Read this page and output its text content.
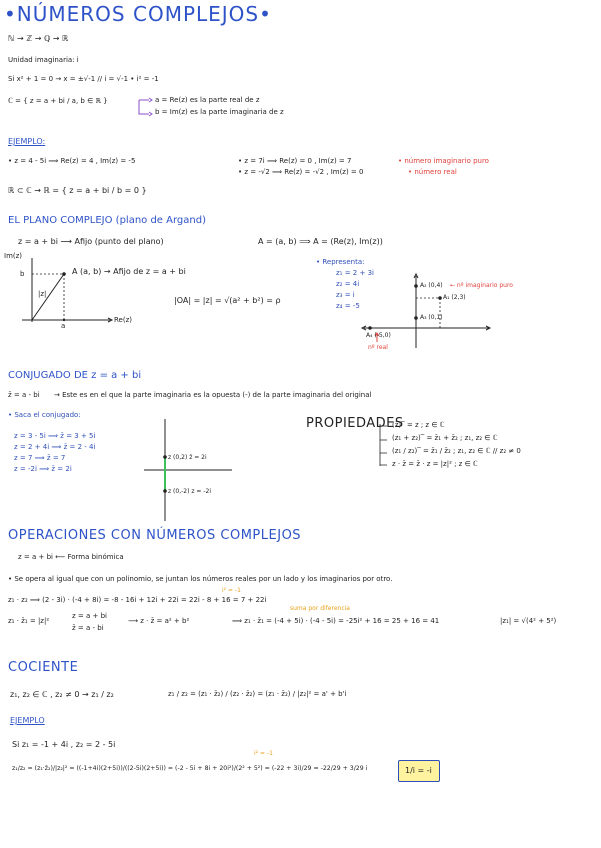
•NÚMEROS COMPLEJOS•
ℕ → ℤ → ℚ → ℝ
Unidad imaginaria: i
Si x² + 1 = 0 → x = ±√-1 // i = √-1 • i² = -1
ℂ = { z = a + bi / a, b ∈ ℝ }	a = Re(z) es la parte real de z
b = Im(z) es la parte imaginaria de z
EJEMPLO:
• z = 4 - 5i ⟹ Re(z) = 4 , Im(z) = -5	• z = 7i ⟹ Re(z) = 0 , Im(z) = 7	• número imaginario puro
• z = -√2 ⟹ Re(z) = -√2 , Im(z) = 0	• número real
ℝ ⊂ ℂ → ℝ = { z = a + bi / b = 0 }
EL PLANO COMPLEJO (plano de Argand)
z = a + bi ⟶ Afijo (punto del plano)	A = (a, b) ⟹ A = (Re(z), Im(z))
Im(z)
Re(z)
b
a
|z|
A (a, b) → Afijo de z = a + bi
|OA| = |z| = √(a² + b²) = ρ
• Representa:
z₁ = 2 + 3i
z₂ = 4i
z₃ = i
z₄ = -5
A₂ (0,4) ← nº imaginario puro
A₁ (2,3)
A₃ (0,1)
A₄ (-5,0)
nº real
CONJUGADO DE z = a + bi
z̄ = a - bi → Este es en el que la parte imaginaria es la opuesta (-) de la parte imaginaria del original
• Saca el conjugado:
z = 3 - 5i ⟹ z̄ = 3 + 5i
z = 2 + 4i ⟹ z̄ = 2 - 4i
z = 7 ⟹ z̄ = 7
z = -2i ⟹ z̄ = 2i
z (0,2) z̄ = 2i
z (0,-2) z = -2i
PROPIEDADES
(z̄)‾ = z ; z ∈ ℂ
(z₁ + z₂)‾ = z̄₁ + z̄₂ ; z₁, z₂ ∈ ℂ
(z₁ / z₂)‾ = z̄₁ / z̄₂ ; z₁, z₂ ∈ ℂ // z₂ ≠ 0
z · z̄ = z̄ · z = |z|² ; z ∈ ℂ
OPERACIONES CON NÚMEROS COMPLEJOS
z = a + bi ⟵ Forma binómica
• Se opera al igual que con un polinomio, se juntan los números reales por un lado y los imaginarios por otro.
i² = -1
z₁ · z₂ ⟹ (2 - 3i) · (-4 + 8i) = -8 - 16i + 12i + 22i = 22i - 8 + 16 = 7 + 22i
z₁ · z̄₁ = |z|²
z = a + bi
z̄ = a - bi
⟶ z · z̄ = a² + b²
suma por diferencia
⟹ z₁ · z̄₁ = (-4 + 5i) · (-4 - 5i) = -25i² + 16 = 25 + 16 = 41	|z₁| = √(4² + 5²)
COCIENTE
z₁, z₂ ∈ ℂ , z₂ ≠ 0 → z₁ / z₂	z₁ / z₂ = (z₁ · z̄₂) / (z₂ · z̄₂) = (z₁ · z̄₂) / |z₂|² = a' + b'i
EJEMPLO
Si z₁ = -1 + 4i , z₂ = 2 - 5i
i² = -1
z₁/z₂ = (z₁·z̄₂)/|z₂|² = ((-1+4i)(2+5i))/((2-5i)(2+5i)) = (-2 - 5i + 8i + 20i²)/(2² + 5²) = (-22 + 3i)/29 = -22/29 + 3/29 i	1/i = -i
